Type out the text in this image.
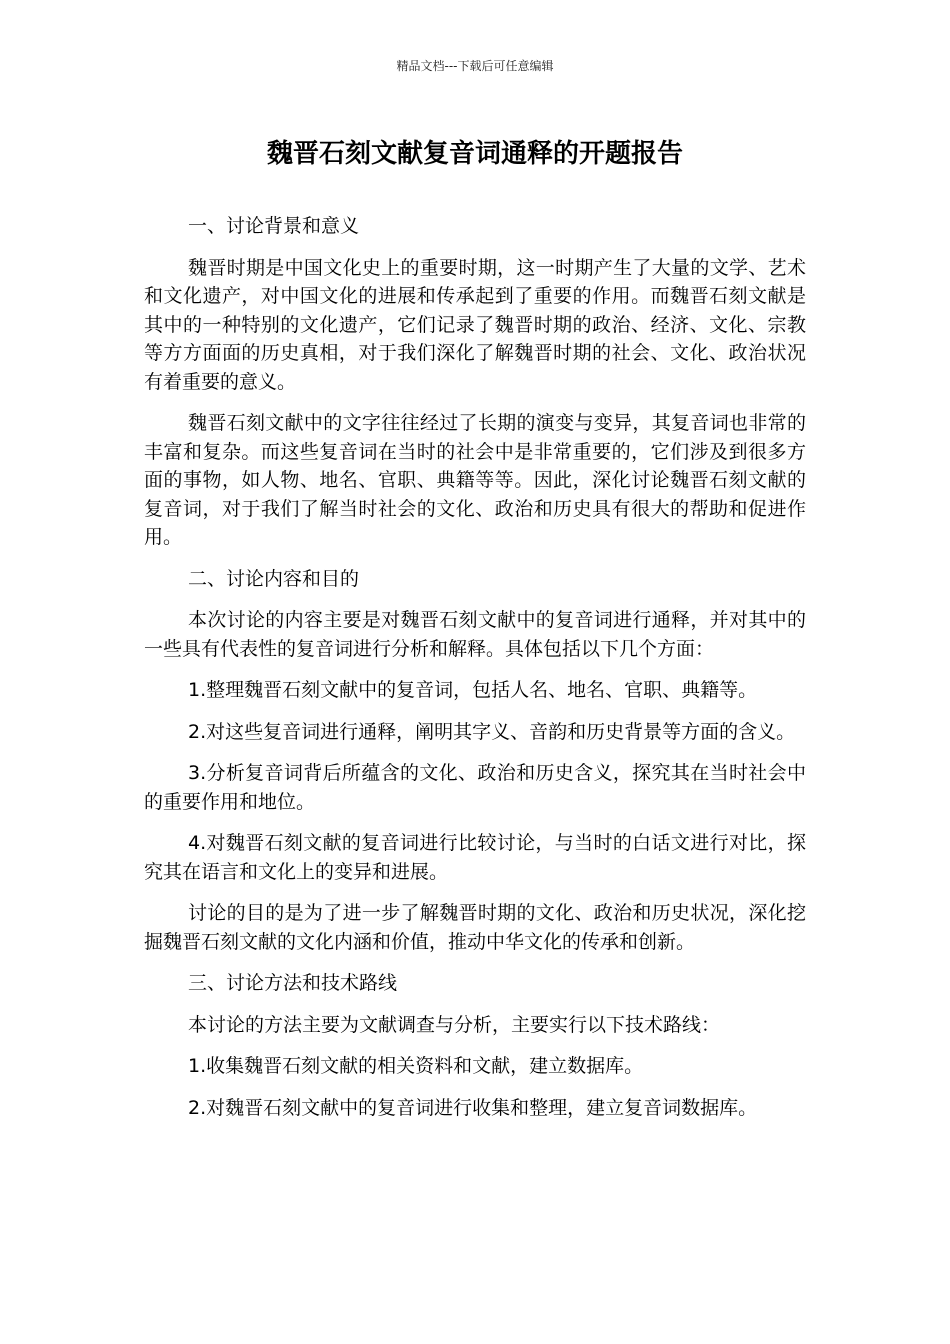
精品文档---下载后可任意编辑
魏晋石刻文献复音词通释的开题报告

一、讨论背景和意义

魏晋时期是中国文化史上的重要时期，这一时期产生了大量的文学、艺术和文化遗产，对中国文化的进展和传承起到了重要的作用。而魏晋石刻文献是其中的一种特别的文化遗产，它们记录了魏晋时期的政治、经济、文化、宗教等方方面面的历史真相，对于我们深化了解魏晋时期的社会、文化、政治状况有着重要的意义。

魏晋石刻文献中的文字往往经过了长期的演变与变异，其复音词也非常的丰富和复杂。而这些复音词在当时的社会中是非常重要的，它们涉及到很多方面的事物，如人物、地名、官职、典籍等等。因此，深化讨论魏晋石刻文献的复音词，对于我们了解当时社会的文化、政治和历史具有很大的帮助和促进作用。

二、讨论内容和目的

本次讨论的内容主要是对魏晋石刻文献中的复音词进行通释，并对其中的一些具有代表性的复音词进行分析和解释。具体包括以下几个方面：

1.整理魏晋石刻文献中的复音词，包括人名、地名、官职、典籍等。

2.对这些复音词进行通释，阐明其字义、音韵和历史背景等方面的含义。

3.分析复音词背后所蕴含的文化、政治和历史含义，探究其在当时社会中的重要作用和地位。

4.对魏晋石刻文献的复音词进行比较讨论，与当时的白话文进行对比，探究其在语言和文化上的变异和进展。

讨论的目的是为了进一步了解魏晋时期的文化、政治和历史状况，深化挖掘魏晋石刻文献的文化内涵和价值，推动中华文化的传承和创新。

三、讨论方法和技术路线

本讨论的方法主要为文献调查与分析，主要实行以下技术路线：

1.收集魏晋石刻文献的相关资料和文献，建立数据库。

2.对魏晋石刻文献中的复音词进行收集和整理，建立复音词数据库。
